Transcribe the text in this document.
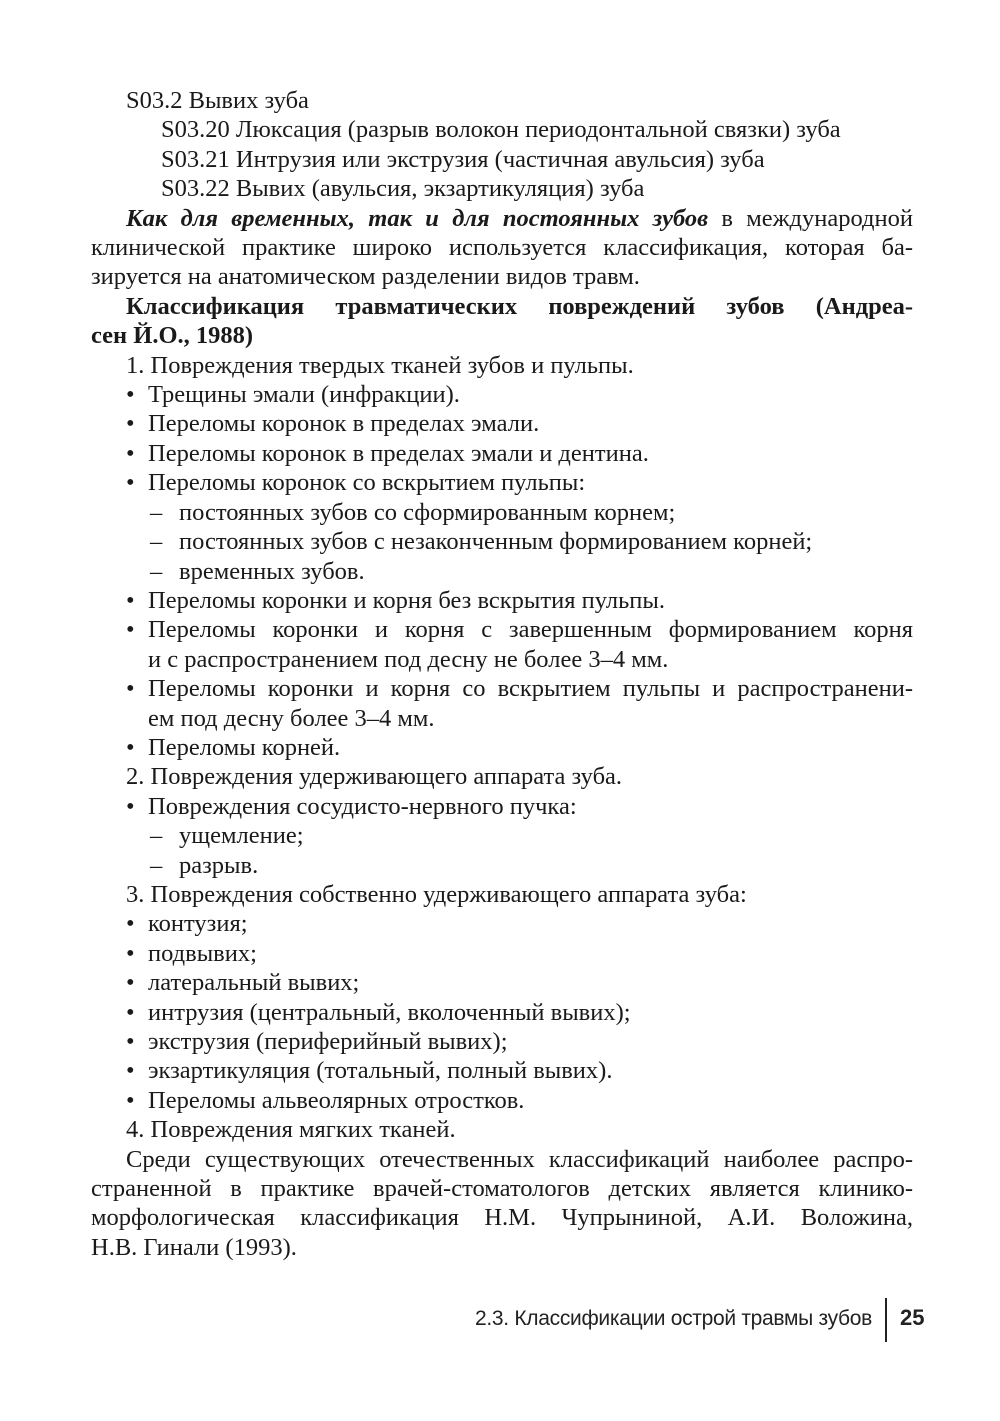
S03.2 Вывих зуба
S03.20 Люксация (разрыв волокон периодонтальной связки) зуба
S03.21 Интрузия или экструзия (частичная авульсия) зуба
S03.22 Вывих (авульсия, экзартикуляция) зуба
Как для временных, так и для постоянных зубов в международной
клинической практике широко используется классификация, которая ба-
зируется на анатомическом разделении видов травм.
Классификация травматических повреждений зубов (Андреа-
сен Й.О., 1988)
1. Повреждения твердых тканей зубов и пульпы.
• Трещины эмали (инфракции).
• Переломы коронок в пределах эмали.
• Переломы коронок в пределах эмали и дентина.
• Переломы коронок со вскрытием пульпы:
– постоянных зубов со сформированным корнем;
– постоянных зубов с незаконченным формированием корней;
– временных зубов.
• Переломы коронки и корня без вскрытия пульпы.
• Переломы коронки и корня с завершенным формированием корня
и с распространением под десну не более 3–4 мм.
• Переломы коронки и корня со вскрытием пульпы и распространени-
ем под десну более 3–4 мм.
• Переломы корней.
2. Повреждения удерживающего аппарата зуба.
• Повреждения сосудисто-нервного пучка:
– ущемление;
– разрыв.
3. Повреждения собственно удерживающего аппарата зуба:
• контузия;
• подвывих;
• латеральный вывих;
• интрузия (центральный, вколоченный вывих);
• экструзия (периферийный вывих);
• экзартикуляция (тотальный, полный вывих).
• Переломы альвеолярных отростков.
4. Повреждения мягких тканей.
Среди существующих отечественных классификаций наиболее распро-
страненной в практике врачей-стоматологов детских является клинико-
морфологическая классификация Н.М. Чупрыниной, А.И. Воложина,
Н.В. Гинали (1993).
2.3. Классификации острой травмы зубов 25
